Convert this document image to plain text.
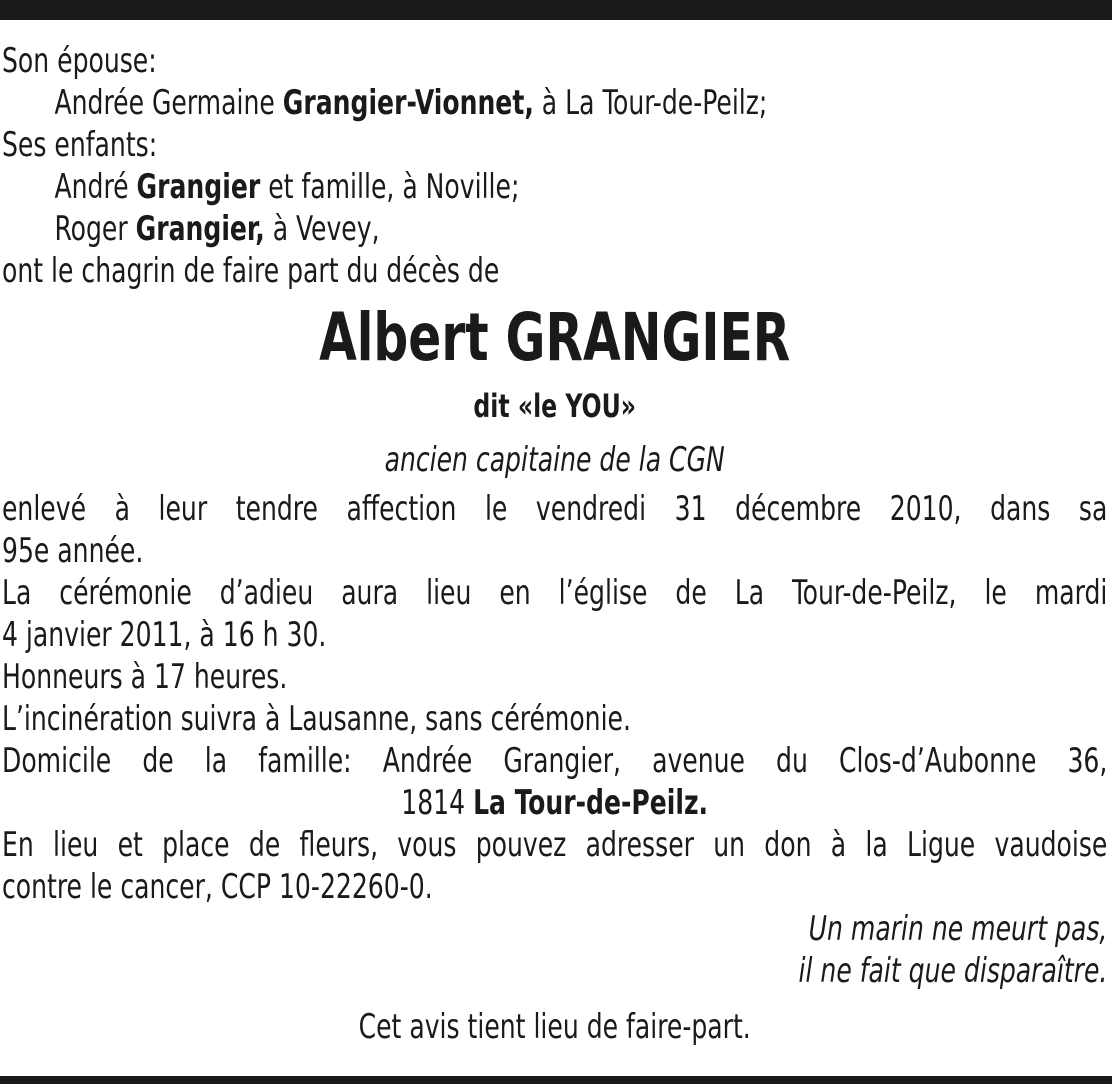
Son épouse:
Andrée Germaine Grangier-Vionnet, à La Tour-de-Peilz;
Ses enfants:
André Grangier et famille, à Noville;
Roger Grangier, à Vevey,
ont le chagrin de faire part du décès de
Albert GRANGIER
dit «le YOU»
ancien capitaine de la CGN
enlevé à leur tendre affection le vendredi 31 décembre 2010, dans sa
95e année.
La cérémonie d’adieu aura lieu en l’église de La Tour-de-Peilz, le mardi
4 janvier 2011, à 16 h 30.
Honneurs à 17 heures.
L’incinération suivra à Lausanne, sans cérémonie.
Domicile de la famille: Andrée Grangier, avenue du Clos-d’Aubonne 36,
1814 La Tour-de-Peilz.
En lieu et place de fleurs, vous pouvez adresser un don à la Ligue vaudoise
contre le cancer, CCP 10-22260-0.
Un marin ne meurt pas,
il ne fait que disparaître.
Cet avis tient lieu de faire-part.
